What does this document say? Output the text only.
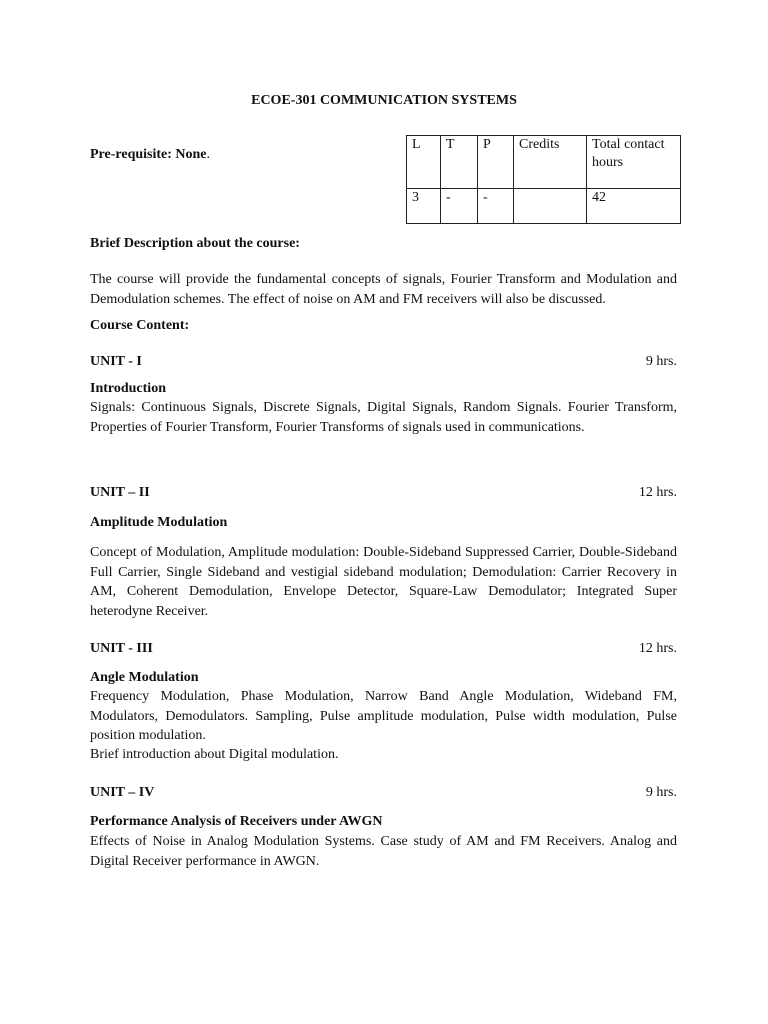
ECOE-301 COMMUNICATION SYSTEMS
Pre-requisite: None.
L	T	P	Credits	Total contact hours
3	-	-		42
Brief Description about the course:
The course will provide the fundamental concepts of signals, Fourier Transform and Modulation and Demodulation schemes. The effect of noise on AM and FM receivers will also be discussed.
Course Content:
UNIT - I	9 hrs.
Introduction
Signals: Continuous Signals, Discrete Signals, Digital Signals, Random Signals. Fourier Transform, Properties of Fourier Transform, Fourier Transforms of signals used in communications.
UNIT – II	12 hrs.
Amplitude Modulation
Concept of Modulation, Amplitude modulation: Double-Sideband Suppressed Carrier, Double-Sideband Full Carrier, Single Sideband and vestigial sideband modulation; Demodulation: Carrier Recovery in AM, Coherent Demodulation, Envelope Detector, Square-Law Demodulator; Integrated Super heterodyne Receiver.
UNIT - III	12 hrs.
Angle Modulation
Frequency Modulation, Phase Modulation, Narrow Band Angle Modulation, Wideband FM, Modulators, Demodulators. Sampling, Pulse amplitude modulation, Pulse width modulation, Pulse position modulation.
Brief introduction about Digital modulation.
UNIT – IV	9 hrs.
Performance Analysis of Receivers under AWGN
Effects of Noise in Analog Modulation Systems. Case study of AM and FM Receivers. Analog and Digital Receiver performance in AWGN.
